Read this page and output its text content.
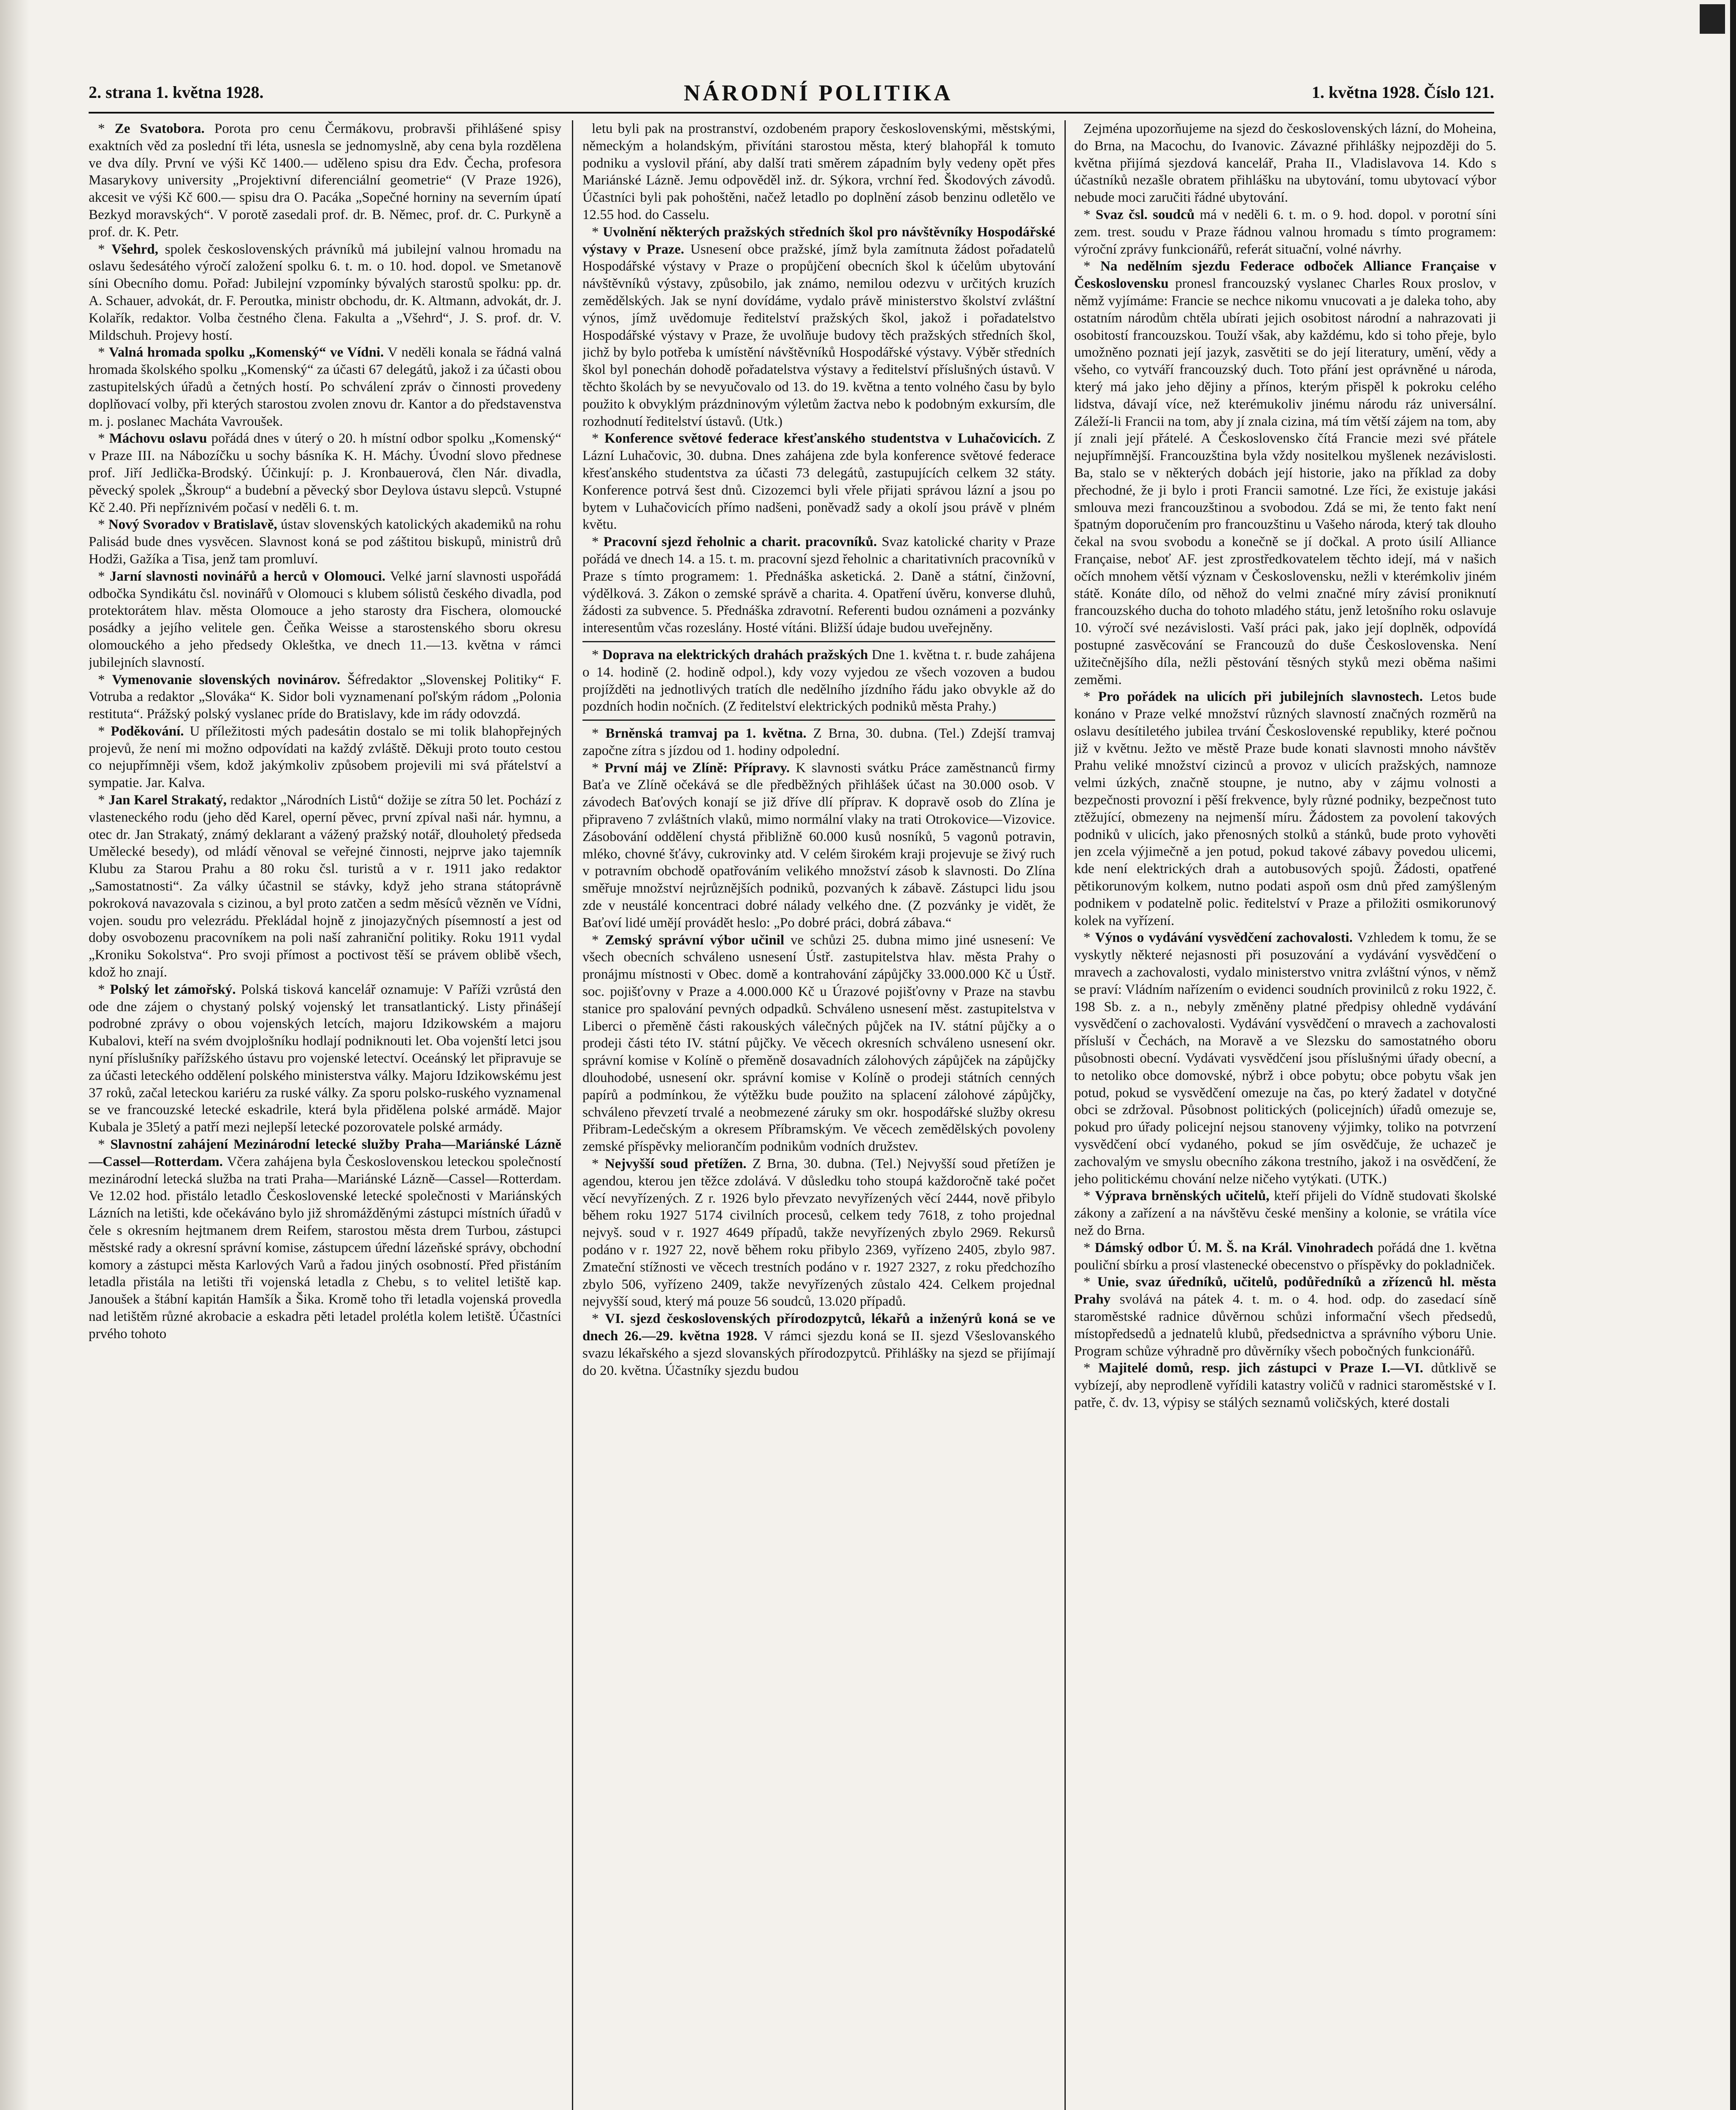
2. strana 1. května 1928.	NÁRODNÍ POLITIKA	1. května 1928. Číslo 121.

* Ze Svatobora. Porota pro cenu Čermákovu, probravši přihlášené spisy exaktních věd za poslední tři léta, usnesla se jednomyslně, aby cena byla rozdělena ve dva díly. První ve výši Kč 1400.— uděleno spisu dra Edv. Čecha, profesora Masarykovy university „Projektivní diferenciální geometrie“ (V Praze 1926), akcesit ve výši Kč 600.— spisu dra O. Pacáka „Sopečné horniny na severním úpatí Bezkyd moravských“. V porotě zasedali prof. dr. B. Němec, prof. dr. C. Purkyně a prof. dr. K. Petr.

* Všehrd, spolek československých právníků má jubilejní valnou hromadu na oslavu šedesátého výročí založení spolku 6. t. m. o 10. hod. dopol. ve Smetanově síni Obecního domu. Pořad: Jubilejní vzpomínky bývalých starostů spolku: pp. dr. A. Schauer, advokát, dr. F. Peroutka, ministr obchodu, dr. K. Altmann, advokát, dr. J. Kolařík, redaktor. Volba čestného člena. Fakulta a „Všehrd“, J. S. prof. dr. V. Mildschuh. Projevy hostí.

* Valná hromada spolku „Komenský“ ve Vídni. V neděli konala se řádná valná hromada školského spolku „Komenský“ za účasti 67 delegátů, jakož i za účasti obou zastupitelských úřadů a četných hostí. Po schválení zpráv o činnosti provedeny doplňovací volby, při kterých starostou zvolen znovu dr. Kantor a do představenstva m. j. poslanec Macháta Vavroušek.

* Máchovu oslavu pořádá dnes v úterý o 20. h místní odbor spolku „Komenský“ v Praze III. na Nábozíčku u sochy básníka K. H. Máchy. Úvodní slovo přednese prof. Jiří Jedlička-Brodský. Účinkují: p. J. Kronbauerová, člen Nár. divadla, pěvecký spolek „Škroup“ a budební a pěvecký sbor Deylova ústavu slepců. Vstupné Kč 2.40. Při nepříznivém počasí v neděli 6. t. m.

* Nový Svoradov v Bratislavě, ústav slovenských katolických akademiků na rohu Palisád bude dnes vysvěcen. Slavnost koná se pod záštitou biskupů, ministrů drů Hodži, Gažíka a Tisa, jenž tam promluví.

* Jarní slavnosti novinářů a herců v Olomouci. Velké jarní slavnosti uspořádá odbočka Syndikátu čsl. novinářů v Olomouci s klubem sólistů českého divadla, pod protektorátem hlav. města Olomouce a jeho starosty dra Fischera, olomoucké posádky a jejího velitele gen. Čeňka Weisse a starostenského sboru okresu olomouckého a jeho předsedy Okleštka, ve dnech 11.—13. května v rámci jubilejních slavností.

* Vymenovanie slovenských novinárov. Šéfredaktor „Slovenskej Politiky“ F. Votruba a redaktor „Slováka“ K. Sidor boli vyznamenaní poľským rádom „Polonia restituta“. Prážský polský vyslanec príde do Bratislavy, kde im rády odovzdá.

* Poděkování. U příležitosti mých padesátin dostalo se mi tolik blahopřejných projevů, že není mi možno odpovídati na každý zvláště. Děkuji proto touto cestou co nejupřímněji všem, kdož jakýmkoliv způsobem projevili mi svá přátelství a sympatie. Jar. Kalva.

* Jan Karel Strakatý, redaktor „Národních Listů“ dožije se zítra 50 let. Pochází z vlasteneckého rodu (jeho děd Karel, operní pěvec, první zpíval naši nár. hymnu, a otec dr. Jan Strakatý, známý deklarant a vážený pražský notář, dlouholetý předseda Umělecké besedy), od mládí věnoval se veřejné činnosti, nejprve jako tajemník Klubu za Starou Prahu a 80 roku čsl. turistů a v r. 1911 jako redaktor „Samostatnosti“. Za války účastnil se stávky, když jeho strana státoprávně pokroková navazovala s cizinou, a byl proto zatčen a sedm měsíců vězněn ve Vídni, vojen. soudu pro velezrádu. Překládal hojně z jinojazyčných písemností a jest od doby osvobozenu pracovníkem na poli naší zahraniční politiky. Roku 1911 vydal „Kroniku Sokolstva“. Pro svoji přímost a poctivost těší se právem oblibě všech, kdož ho znají.

* Polský let zámořský. Polská tisková kancelář oznamuje: V Paříži vzrůstá den ode dne zájem o chystaný polský vojenský let transatlantický. Listy přinášejí podrobné zprávy o obou vojenských letcích, majoru Idzikowském a majoru Kubalovi, kteří na svém dvojplošníku hodlají podniknouti let. Oba vojenští letci jsou nyní příslušníky pařížského ústavu pro vojenské letectví. Oceánský let připravuje se za účasti leteckého oddělení polského ministerstva války. Majoru Idzikowskému jest 37 roků, začal leteckou kariéru za ruské války. Za sporu polsko-ruského vyznamenal se ve francouzské letecké eskadrile, která byla přidělena polské armádě. Major Kubala je 35letý a patří mezi nejlepší letecké pozorovatele polské armády.

* Slavnostní zahájení Mezinárodní letecké služby Praha—Mariánské Lázně—Cassel—Rotterdam. Včera zahájena byla Československou leteckou společností mezinárodní letecká služba na trati Praha—Mariánské Lázně—Cassel—Rotterdam. Ve 12.02 hod. přistálo letadlo Československé letecké společnosti v Mariánských Lázních na letišti, kde očekáváno bylo již shromážděnými zástupci místních úřadů v čele s okresním hejtmanem drem Reifem, starostou města drem Turbou, zástupci městské rady a okresní správní komise, zástupcem úřední lázeňské správy, obchodní komory a zástupci města Karlových Varů a řadou jiných osobností. Před přistáním letadla přistála na letišti tři vojenská letadla z Chebu, s to velitel letiště kap. Janoušek a štábní kapitán Hamšík a Šika. Kromě toho tři letadla vojenská provedla nad letištěm různé akrobacie a eskadra pěti letadel prolétla kolem letiště. Účastníci prvého tohoto

letu byli pak na prostranství, ozdobeném prapory československými, městskými, německým a holandským, přivítáni starostou města, který blahopřál k tomuto podniku a vyslovil přání, aby další trati směrem západním byly vedeny opět přes Mariánské Lázně. Jemu odpověděl inž. dr. Sýkora, vrchní řed. Škodových závodů. Účastníci byli pak pohoštěni, načež letadlo po doplnění zásob benzinu odletělo ve 12.55 hod. do Casselu.

* Uvolnění některých pražských středních škol pro návštěvníky Hospodářské výstavy v Praze. Usnesení obce pražské, jímž byla zamítnuta žádost pořadatelů Hospodářské výstavy v Praze o propůjčení obecních škol k účelům ubytování návštěvníků výstavy, způsobilo, jak známo, nemilou odezvu v určitých kruzích zemědělských. Jak se nyní dovídáme, vydalo právě ministerstvo školství zvláštní výnos, jímž uvědomuje ředitelství pražských škol, jakož i pořadatelstvo Hospodářské výstavy v Praze, že uvolňuje budovy těch pražských středních škol, jichž by bylo potřeba k umístění návštěvníků Hospodářské výstavy. Výběr středních škol byl ponechán dohodě pořadatelstva výstavy a ředitelství příslušných ústavů. V těchto školách by se nevyučovalo od 13. do 19. května a tento volného času by bylo použito k obvyklým prázdninovým výletům žactva nebo k podobným exkursím, dle rozhodnutí ředitelství ústavů. (Utk.)

* Konference světové federace křesťanského studentstva v Luhačovicích. Z Lázní Luhačovic, 30. dubna. Dnes zahájena zde byla konference světové federace křesťanského studentstva za účasti 73 delegátů, zastupujících celkem 32 státy. Konference potrvá šest dnů. Cizozemci byli vřele přijati správou lázní a jsou po bytem v Luhačovicích přímo nadšeni, poněvadž sady a okolí jsou právě v plném květu.

* Pracovní sjezd řeholnic a charit. pracovníků. Svaz katolické charity v Praze pořádá ve dnech 14. a 15. t. m. pracovní sjezd řeholnic a charitativních pracovníků v Praze s tímto programem: 1. Přednáška asketická. 2. Daně a státní, činžovní, výdělková. 3. Zákon o zemské správě a charita. 4. Opatření úvěru, konverse dluhů, žádosti za subvence. 5. Přednáška zdravotní. Referenti budou oznámeni a pozvánky interesentům včas rozeslány. Hosté vítáni. Bližší údaje budou uveřejněny.

* Doprava na elektrických drahách pražských Dne 1. května t. r. bude zahájena o 14. hodině (2. hodině odpol.), kdy vozy vyjedou ze všech vozoven a budou projížděti na jednotlivých tratích dle nedělního jízdního řádu jako obvykle až do pozdních hodin nočních. (Z ředitelství elektrických podniků města Prahy.)

* Brněnská tramvaj pa 1. května. Z Brna, 30. dubna. (Tel.) Zdejší tramvaj započne zítra s jízdou od 1. hodiny odpolední.

* První máj ve Zlíně: Přípravy. K slavnosti svátku Práce zaměstnanců firmy Baťa ve Zlíně očekává se dle předběžných přihlášek účast na 30.000 osob. V závodech Baťových konají se již dříve dlí příprav. K dopravě osob do Zlína je připraveno 7 zvláštních vlaků, mimo normální vlaky na trati Otrokovice—Vizovice. Zásobování oddělení chystá přibližně 60.000 kusů nosníků, 5 vagonů potravin, mléko, chovné šťávy, cukrovinky atd. V celém širokém kraji projevuje se živý ruch v potravním obchodě opatřováním velikého množství zásob k slavnosti. Do Zlína směřuje množství nejrůznějších podniků, pozvaných k zábavě. Zástupci lidu jsou zde v neustálé koncentraci dobré nálady velkého dne. (Z pozvánky je vidět, že Baťoví lidé umějí provádět heslo: „Po dobré práci, dobrá zábava.“

* Zemský správní výbor učinil ve schůzi 25. dubna mimo jiné usnesení: Ve všech obecních schváleno usnesení Ústř. zastupitelstva hlav. města Prahy o pronájmu místnosti v Obec. domě a kontrahování zápůjčky 33.000.000 Kč u Ústř. soc. pojišťovny v Praze a 4.000.000 Kč u Úrazové pojišťovny v Praze na stavbu stanice pro spalování pevných odpadků. Schváleno usnesení měst. zastupitelstva v Liberci o přeměně části rakouských válečných půjček na IV. státní půjčky a o prodeji části této IV. státní půjčky. Ve věcech okresních schváleno usnesení okr. správní komise v Kolíně o přeměně dosavadních zálohových zápůjček na zápůjčky dlouhodobé, usnesení okr. správní komise v Kolíně o prodeji státních cenných papírů a podmínkou, že výtěžku bude použito na splacení zálohové zápůjčky, schváleno převzetí trvalé a neobmezené záruky sm okr. hospodářské služby okresu Přibram-Ledečským a okresem Příbramským. Ve věcech zemědělských povoleny zemské příspěvky meliorančím podnikům vodních družstev.

* Nejvyšší soud přetížen. Z Brna, 30. dubna. (Tel.) Nejvyšší soud přetížen je agendou, kterou jen těžce zdolává. V důsledku toho stoupá každoročně také počet věcí nevyřízených. Z r. 1926 bylo převzato nevyřízených věcí 2444, nově přibylo během roku 1927 5174 civilních procesů, celkem tedy 7618, z toho projednal nejvyš. soud v r. 1927 4649 případů, takže nevyřízených zbylo 2969. Rekursů podáno v r. 1927 22, nově během roku přibylo 2369, vyřízeno 2405, zbylo 987. Zmateční stížnosti ve věcech trestních podáno v r. 1927 2327, z roku předchozího zbylo 506, vyřízeno 2409, takže nevyřízených zůstalo 424. Celkem projednal nejvyšší soud, který má pouze 56 soudců, 13.020 případů.

* VI. sjezd československých přírodozpytců, lékařů a inženýrů koná se ve dnech 26.—29. května 1928. V rámci sjezdu koná se II. sjezd Všeslovanského svazu lékařského a sjezd slovanských přírodozpytců. Přihlášky na sjezd se přijímají do 20. května. Účastníky sjezdu budou

Zejména upozorňujeme na sjezd do československých lázní, do Moheina, do Brna, na Macochu, do Ivanovic. Závazné přihlášky nejpozději do 5. května přijímá sjezdová kancelář, Praha II., Vladislavova 14. Kdo s účastníků nezašle obratem přihlášku na ubytování, tomu ubytovací výbor nebude moci zaručiti řádné ubytování.

* Svaz čsl. soudců má v neděli 6. t. m. o 9. hod. dopol. v porotní síni zem. trest. soudu v Praze řádnou valnou hromadu s tímto programem: výroční zprávy funkcionářů, referát situační, volné návrhy.

* Na nedělním sjezdu Federace odboček Alliance Française v Československu pronesl francouzský vyslanec Charles Roux proslov, v němž vyjímáme: Francie se nechce nikomu vnucovati a je daleka toho, aby ostatním národům chtěla ubírati jejich osobitost národní a nahrazovati ji osobitostí francouzskou. Touží však, aby každému, kdo si toho přeje, bylo umožněno poznati její jazyk, zasvětiti se do její literatury, umění, vědy a všeho, co vytváří francouzský duch. Toto přání jest oprávněné u národa, který má jako jeho dějiny a přínos, kterým přispěl k pokroku celého lidstva, dávají více, než kterémukoliv jinému národu ráz universální. Záleží-li Francii na tom, aby jí znala cizina, má tím větší zájem na tom, aby jí znali její přátelé. A Československo čítá Francie mezi své přátele nejupřímnější. Francouzština byla vždy nositelkou myšlenek nezávislosti. Ba, stalo se v některých dobách její historie, jako na příklad za doby přechodné, že ji bylo i proti Francii samotné. Lze říci, že existuje jakási smlouva mezi francouzštinou a svobodou. Zdá se mi, že tento fakt není špatným doporučením pro francouzštinu u Vašeho národa, který tak dlouho čekal na svou svobodu a konečně se jí dočkal. A proto úsilí Alliance Française, neboť AF. jest zprostředkovatelem těchto idejí, má v našich očích mnohem větší význam v Československu, nežli v kterémkoliv jiném státě. Konáte dílo, od něhož do velmi značné míry závisí proniknutí francouzského ducha do tohoto mladého státu, jenž letošního roku oslavuje 10. výročí své nezávislosti. Vaší práci pak, jako její doplněk, odpovídá postupné zasvěcování se Francouzů do duše Československa. Není užitečnějšího díla, nežli pěstování těsných styků mezi oběma našimi zeměmi.

* Pro pořádek na ulicích při jubilejních slavnostech. Letos bude konáno v Praze velké množství různých slavností značných rozměrů na oslavu desítiletého jubilea trvání Československé republiky, které počnou již v květnu. Ježto ve městě Praze bude konati slavnosti mnoho návštěv Prahu veliké množství cizinců a provoz v ulicích pražských, namnoze velmi úzkých, značně stoupne, je nutno, aby v zájmu volnosti a bezpečnosti provozní i pěší frekvence, byly různé podniky, bezpečnost tuto ztěžující, obmezeny na nejmenší míru. Žádostem za povolení takových podniků v ulicích, jako přenosných stolků a stánků, bude proto vyhověti jen zcela výjimečně a jen potud, pokud takové zábavy povedou ulicemi, kde není elektrických drah a autobusových spojů. Žádosti, opatřené pětikorunovým kolkem, nutno podati aspoň osm dnů před zamýšleným podnikem v podatelně polic. ředitelství v Praze a přiložiti osmikorunový kolek na vyřízení.

* Výnos o vydávání vysvědčení zachovalosti. Vzhledem k tomu, že se vyskytly některé nejasnosti při posuzování a vydávání vysvědčení o mravech a zachovalosti, vydalo ministerstvo vnitra zvláštní výnos, v němž se praví: Vládním nařízením o evidenci soudních provinilců z roku 1922, č. 198 Sb. z. a n., nebyly změněny platné předpisy ohledně vydávání vysvědčení o zachovalosti. Vydávání vysvědčení o mravech a zachovalosti přísluší v Čechách, na Moravě a ve Slezsku do samostatného oboru působnosti obecní. Vydávati vysvědčení jsou příslušnými úřady obecní, a to netoliko obce domovské, nýbrž i obce pobytu; obce pobytu však jen potud, pokud se vysvědčení omezuje na čas, po který žadatel v dotyčné obci se zdržoval. Působnost politických (policejních) úřadů omezuje se, pokud pro úřady policejní nejsou stanoveny výjimky, toliko na potvrzení vysvědčení obcí vydaného, pokud se jím osvědčuje, že uchazeč je zachovalým ve smyslu obecního zákona trestního, jakož i na osvědčení, že jeho politickému chování nelze ničeho vytýkati. (UTK.)

* Výprava brněnských učitelů, kteří přijeli do Vídně studovati školské zákony a zařízení a na návštěvu české menšiny a kolonie, se vrátila více než do Brna.

* Dámský odbor Ú. M. Š. na Král. Vinohradech pořádá dne 1. května pouliční sbírku a prosí vlastenecké obecenstvo o příspěvky do pokladniček.

* Unie, svaz úředníků, učitelů, podůředníků a zřízenců hl. města Prahy svolává na pátek 4. t. m. o 4. hod. odp. do zasedací síně staroměstské radnice důvěrnou schůzi informační všech předsedů, místopředsedů a jednatelů klubů, předsednictva a správního výboru Unie. Program schůze výhradně pro důvěrníky všech pobočných funkcionářů.

* Majitelé domů, resp. jich zástupci v Praze I.—VI. důtklivě se vybízejí, aby neprodleně vyřídili katastry voličů v radnici staroměstské v I. patře, č. dv. 13, výpisy se stálých seznamů voličských, které dostali
